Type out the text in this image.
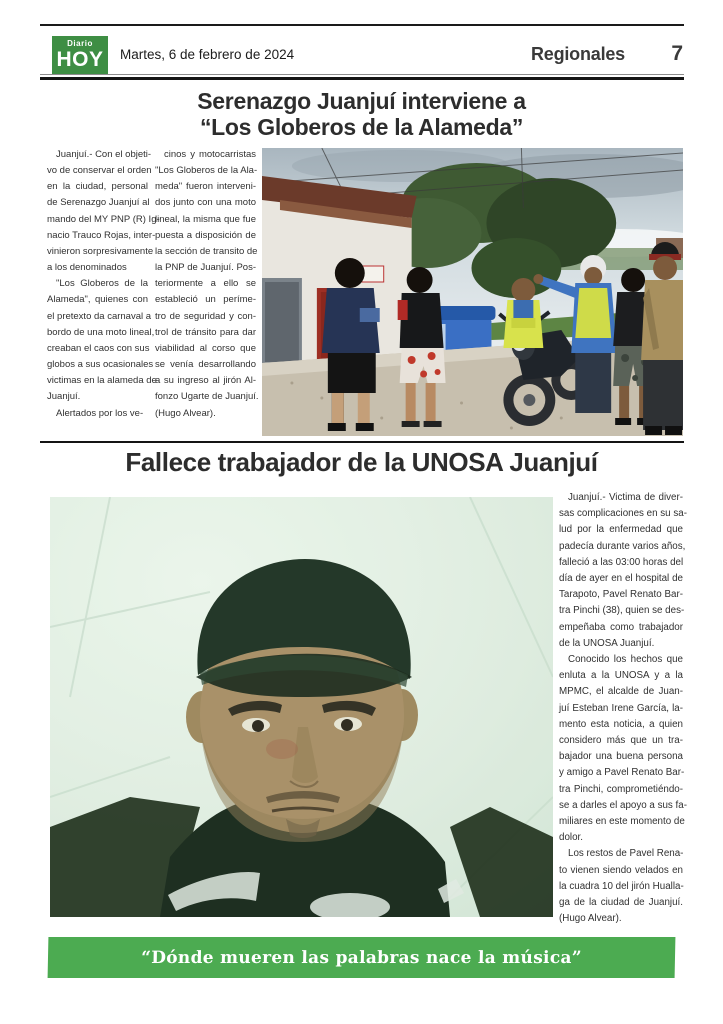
Diario
HOY	Martes, 6 de febrero de 2024	Regionales 7
Serenazgo Juanjuí interviene a
“Los Globeros de la Alameda”
Juanjuí.- Con el objeti-
vo de conservar el orden
en la ciudad, personal
de Serenazgo Juanjuí al
mando del MY PNP (R) Ig-
nacio Trauco Rojas, inter-
vinieron sorpresivamente
a los denominados
"Los Globeros de la
Alameda", quienes con
el pretexto da carnaval a
bordo de una moto lineal,
creaban el caos con sus
globos a sus ocasionales
victimas en la alameda de
Juanjuí.
Alertados por los ve-
cinos y motocarristas
"Los Globeros de la Ala-
meda" fueron interveni-
dos junto con una moto
lineal, la misma que fue
puesta a disposición de
la sección de transito de
la PNP de Juanjuí. Pos-
teriormente a ello se
estableció un períme-
tro de seguridad y con-
trol de tránsito para dar
viabilidad al corso que
se venía desarrollando
a su ingreso al jirón Al-
fonzo Ugarte de Juanjuí.
(Hugo Alvear).
Fallece trabajador de la UNOSA Juanjuí
Juanjuí.- Victima de diver-
sas complicaciones en su sa-
lud por la enfermedad que
padecía durante varios años,
falleció a las 03:00 horas del
día de ayer en el hospital de
Tarapoto, Pavel Renato Bar-
tra Pinchi (38), quien se des-
empeñaba como trabajador
de la UNOSA Juanjuí.
Conocido los hechos que
enluta a la UNOSA y a la
MPMC, el alcalde de Juan-
juí Esteban Irene García, la-
mento esta noticia, a quien
considero más que un tra-
bajador una buena persona
y amigo a Pavel Renato Bar-
tra Pinchi, comprometiéndo-
se a darles el apoyo a sus fa-
miliares en este momento de
dolor.
Los restos de Pavel Rena-
to vienen siendo velados en
la cuadra 10 del jirón Hualla-
ga de la ciudad de Juanjuí.
(Hugo Alvear).
“Dónde mueren las palabras nace la música”
